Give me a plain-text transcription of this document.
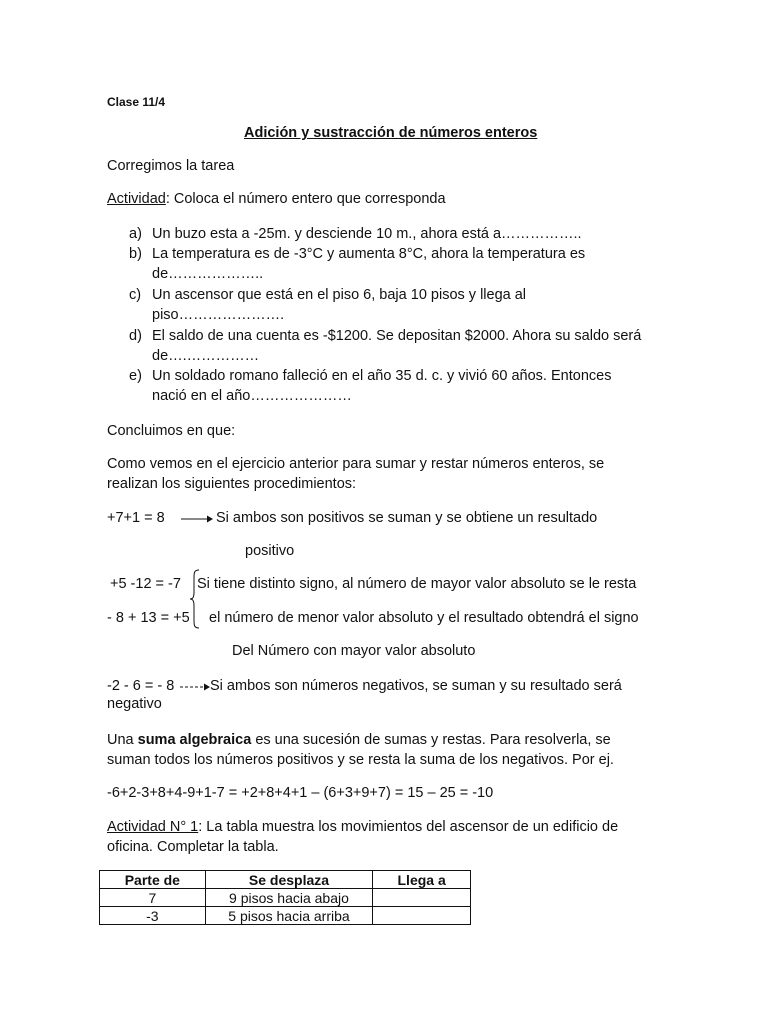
Clase 11/4
Adición y sustracción de números enteros
Corregimos la tarea
Actividad: Coloca el número entero que corresponda
a) Un buzo esta a -25m. y desciende 10 m., ahora está a……………..
b) La temperatura es de -3°C y aumenta 8°C, ahora la temperatura es
de………………..
c) Un ascensor que está en el piso 6, baja 10 pisos y llega al
piso………………….
d) El saldo de una cuenta es -$1200. Se depositan $2000. Ahora su saldo será
de….……………
e) Un soldado romano falleció en el año 35 d. c. y vivió 60 años. Entonces
nació en el año…………………
Concluimos en que:
Como vemos en el ejercicio anterior para sumar y restar números enteros, se
realizan los siguientes procedimientos:
+7+1 = 8	Si ambos son positivos se suman y se obtiene un resultado
positivo
+5 -12 = -7 Si tiene distinto signo, al número de mayor valor absoluto se le resta
- 8 + 13 = +5 el número de menor valor absoluto y el resultado obtendrá el signo
Del Número con mayor valor absoluto
-2 - 6 = - 8 Si ambos son números negativos, se suman y su resultado será
negativo
Una suma algebraica es una sucesión de sumas y restas. Para resolverla, se
suman todos los números positivos y se resta la suma de los negativos. Por ej.
-6+2-3+8+4-9+1-7 = +2+8+4+1 – (6+3+9+7) = 15 – 25 = -10
Actividad N° 1: La tabla muestra los movimientos del ascensor de un edificio de
oficina. Completar la tabla.
Parte de	Se desplaza	Llega a
7	9 pisos hacia abajo	
-3	5 pisos hacia arriba	
